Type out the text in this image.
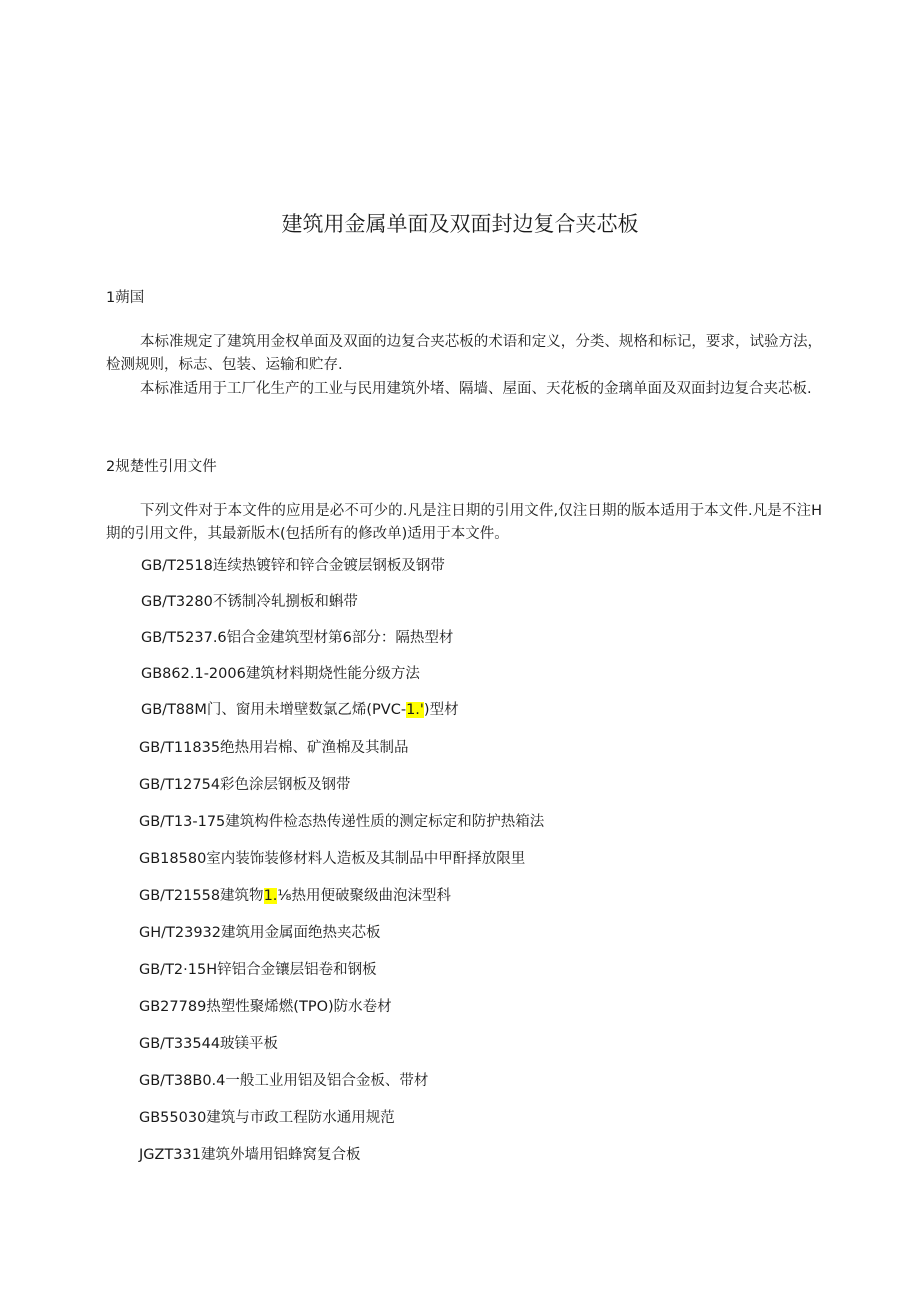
建筑用金属单面及双面封边复合夹芯板
1蒴国
本标准规定了建筑用金权单面及双面的边复合夹芯板的术语和定义，分类、规格和标记，要求，试验方法，检测规则，标志、包装、运输和贮存.
本标准适用于工厂化生产的工业与民用建筑外堵、隔墙、屋面、天花板的金璃单面及双面封边复合夹芯板.
2规楚性引用文件
下列文件对于本文件的应用是必不可少的.凡是注日期的引用文件,仅注日期的版本适用于本文件.凡是不注H期的引用文件，其最新版木(包括所有的修改单)适用于本文件。
GB/T2518连续热镀锌和锌合金镀层钢板及钢带
GB/T3280不锈制冷轧捌板和蝌带
GB/T5237.6铝合金建筑型材第6部分：隔热型材
GB862.1-2006建筑材料期烧性能分级方法
GB/T88M门、窗用未增壁数氯乙烯(PVC-1.')型材
GB/T11835绝热用岩棉、矿渔棉及其制品
GB/T12754彩色涂层钢板及钢带
GB/T13-175建筑构件检态热传递性质的测定标定和防护热箱法
GB18580室内装饰装修材料人造板及其制品中甲酐择放限里
GB/T21558建筑物1.⅛热用便破聚级曲泡沫型科
GH/T23932建筑用金属面绝热夹芯板
GB/T2·15H锌铝合金镶层铝卷和钢板
GB27789热塑性聚烯燃(TPO)防水卷材
GB/T33544玻镁平板
GB/T38B0.4一般工业用铝及铝合金板、带材
GB55030建筑与市政工程防水通用规范
JGZT331建筑外墙用铝蜂窝复合板
